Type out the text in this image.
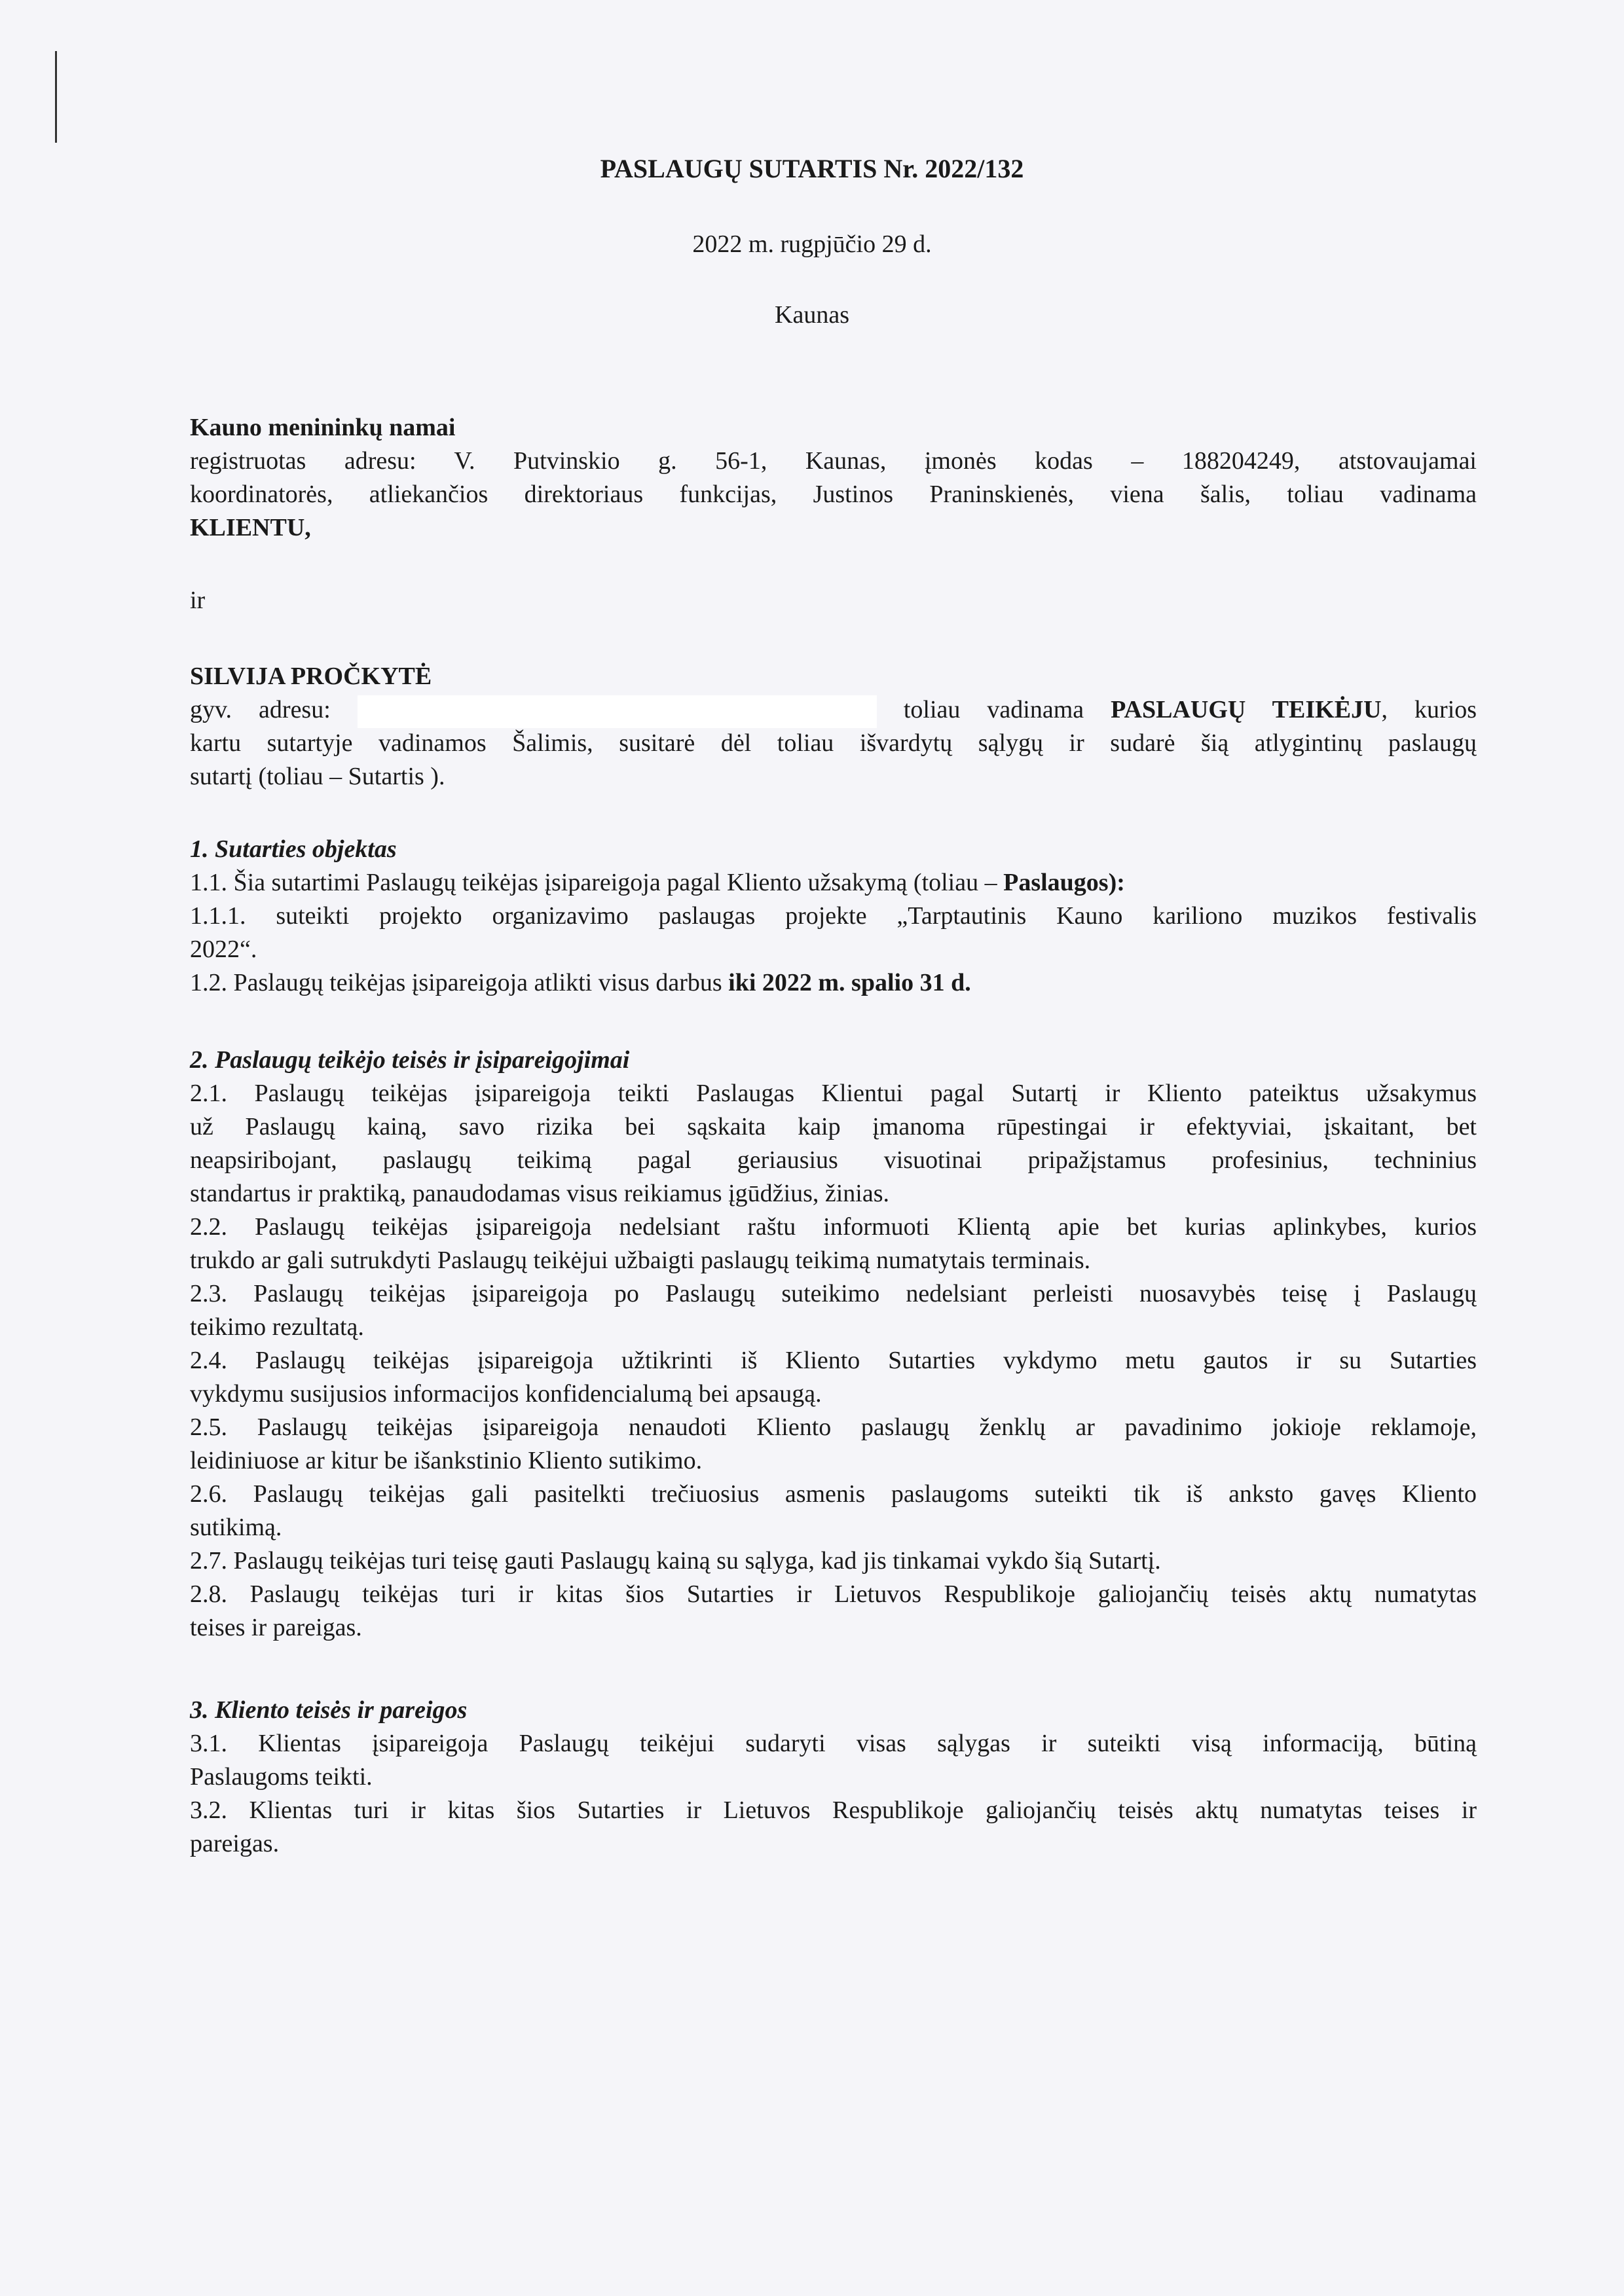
PASLAUGŲ SUTARTIS Nr. 2022/132
2022 m. rugpjūčio 29 d.
Kaunas
Kauno menininkų namai
registruotas adresu: V. Putvinskio g. 56-1, Kaunas, įmonės kodas – 188204249, atstovaujamai
koordinatorės, atliekančios direktoriaus funkcijas, Justinos Praninskienės, viena šalis, toliau vadinama
KLIENTU,
ir
SILVIJA PROČKYTĖ
gyv. adresu:	toliau vadinama PASLAUGŲ TEIKĖJU, kurios
kartu sutartyje vadinamos Šalimis, susitarė dėl toliau išvardytų sąlygų ir sudarė šią atlygintinų paslaugų
sutartį (toliau – Sutartis ).
1. Sutarties objektas
1.1. Šia sutartimi Paslaugų teikėjas įsipareigoja pagal Kliento užsakymą (toliau – Paslaugos):
1.1.1. suteikti projekto organizavimo paslaugas projekte „Tarptautinis Kauno kariliono muzikos festivalis
2022“.
1.2. Paslaugų teikėjas įsipareigoja atlikti visus darbus iki 2022 m. spalio 31 d.
2. Paslaugų teikėjo teisės ir įsipareigojimai
2.1. Paslaugų teikėjas įsipareigoja teikti Paslaugas Klientui pagal Sutartį ir Kliento pateiktus užsakymus
už Paslaugų kainą, savo rizika bei sąskaita kaip įmanoma rūpestingai ir efektyviai, įskaitant, bet
neapsiribojant, paslaugų teikimą pagal geriausius visuotinai pripažįstamus profesinius, techninius
standartus ir praktiką, panaudodamas visus reikiamus įgūdžius, žinias.
2.2. Paslaugų teikėjas įsipareigoja nedelsiant raštu informuoti Klientą apie bet kurias aplinkybes, kurios
trukdo ar gali sutrukdyti Paslaugų teikėjui užbaigti paslaugų teikimą numatytais terminais.
2.3. Paslaugų teikėjas įsipareigoja po Paslaugų suteikimo nedelsiant perleisti nuosavybės teisę į Paslaugų
teikimo rezultatą.
2.4. Paslaugų teikėjas įsipareigoja užtikrinti iš Kliento Sutarties vykdymo metu gautos ir su Sutarties
vykdymu susijusios informacijos konfidencialumą bei apsaugą.
2.5. Paslaugų teikėjas įsipareigoja nenaudoti Kliento paslaugų ženklų ar pavadinimo jokioje reklamoje,
leidiniuose ar kitur be išankstinio Kliento sutikimo.
2.6. Paslaugų teikėjas gali pasitelkti trečiuosius asmenis paslaugoms suteikti tik iš anksto gavęs Kliento
sutikimą.
2.7. Paslaugų teikėjas turi teisę gauti Paslaugų kainą su sąlyga, kad jis tinkamai vykdo šią Sutartį.
2.8. Paslaugų teikėjas turi ir kitas šios Sutarties ir Lietuvos Respublikoje galiojančių teisės aktų numatytas
teises ir pareigas.
3. Kliento teisės ir pareigos
3.1. Klientas įsipareigoja Paslaugų teikėjui sudaryti visas sąlygas ir suteikti visą informaciją, būtiną
Paslaugoms teikti.
3.2. Klientas turi ir kitas šios Sutarties ir Lietuvos Respublikoje galiojančių teisės aktų numatytas teises ir
pareigas.
